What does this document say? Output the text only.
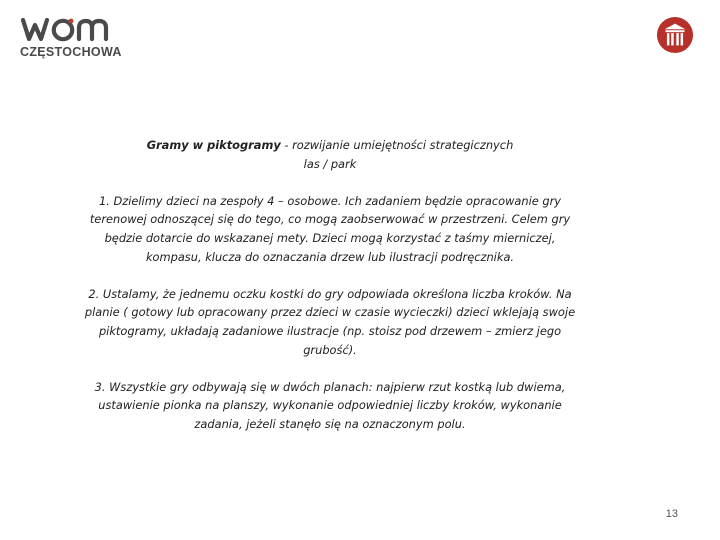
CZĘSTOCHOWA

Gramy w piktogramy - rozwijanie umiejętności strategicznych

las / park

1. Dzielimy dzieci na zespoły 4 – osobowe. Ich zadaniem będzie opracowanie gry terenowej odnoszącej się do tego, co mogą zaobserwować w przestrzeni. Celem gry będzie dotarcie do wskazanej mety. Dzieci mogą korzystać z taśmy mierniczej, kompasu, klucza do oznaczania drzew lub ilustracji podręcznika.

2. Ustalamy, że jednemu oczku kostki do gry odpowiada określona liczba kroków. Na planie ( gotowy lub opracowany przez dzieci w czasie wycieczki) dzieci wklejają swoje piktogramy, układają zadaniowe ilustracje (np. stoisz pod drzewem – zmierz jego grubość).

3. Wszystkie gry odbywają się w dwóch planach: najpierw rzut kostką lub dwiema, ustawienie pionka na planszy, wykonanie odpowiedniej liczby kroków, wykonanie zadania, jeżeli stanęło się na oznaczonym polu.

13
